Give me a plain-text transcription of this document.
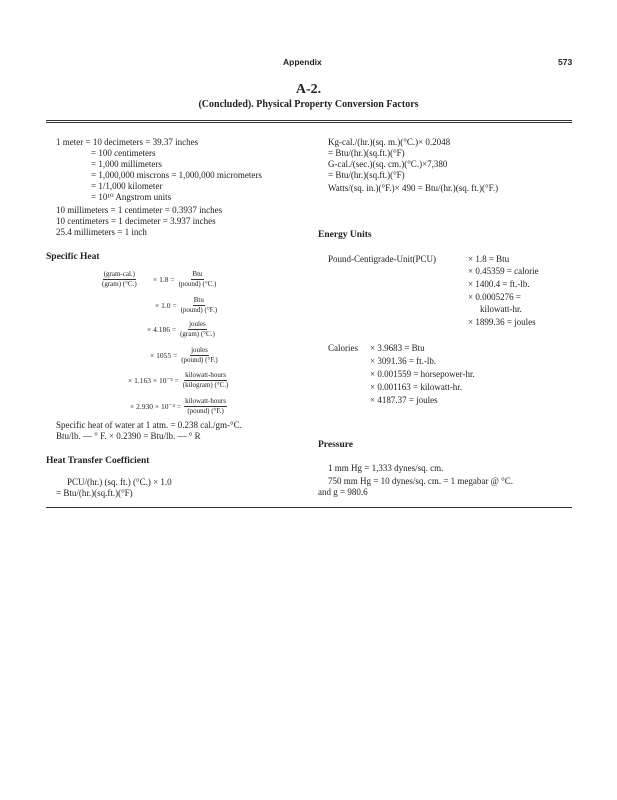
Appendix	573
A-2.
(Concluded). Physical Property Conversion Factors
1 meter = 10 decimeters = 39.37 inches
= 100 centimeters
= 1,000 millimeters
= 1,000,000 miscrons = 1,000,000 micrometers
= 1/1,000 kilometer
= 10¹⁰ Angstrom units
10 millimeters = 1 centimeter = 0.3937 inches
10 centimeters = 1 decimeter = 3.937 inches
25.4 millimeters = 1 inch
Specific Heat
$\frac{\text{(gram-cal.)}}{\text{(gram) (°C.)}} \times 1.8 = \frac{\text{Btu}}{\text{(pound) (°C.)}}$
× $1.0 = \frac{\text{Btu}}{\text{(pound) (°F.)}}$
× $4.186 = \frac{\text{joules}}{\text{(gram) (°C.)}}$
× $1055 = \frac{\text{joules}}{\text{(pound) (°F.)}}$
× $1.163 \times 10^{-3} = \frac{\text{kilowatt-hours}}{\text{(kilogram) (°C.)}}$
× $2.930 \times 10^{-4} = \frac{\text{kilowatt-hours}}{\text{(pound) (°F.)}}$
Specific heat of water at 1 atm. = 0.238 cal./gm-°C.
Btu/lb. — ° F. × 0.2390 = Btu/lb. — ° R
Heat Transfer Coefficient
PCU/(hr.) (sq. ft.) (°C.) × 1.0
= Btu/(hr.)(sq.ft.)(°F)
Kg-cal./(hr.)(sq. m.)(°C.)× 0.2048
= Btu/(hr.)(sq.ft.)(°F)
G-cal./(sec.)(sq. cm.)(°C.)×7,380
= Btu/(hr.)(sq.ft.)(°F)
Watts/(sq. in.)(°F.)× 490 = Btu/(hr.)(sq. ft.)(°F.)
Energy Units
Pound-Centigrade-Unit(PCU)	× 1.8 = Btu
× 0.45359 = calorie
× 1400.4 = ft.-lb.
× 0.0005276 =
kilowatt-hr.
× 1899.36 = joules
Calories × 3.9683 = Btu
× 3091.36 = ft.-lb.
× 0.001559 = horsepower-hr.
× 0.001163 = kilowatt-hr.
× 4187.37 = joules
Pressure
1 mm Hg = 1,333 dynes/sq. cm.
750 mm Hg = 10 dynes/sq. cm. = 1 megabar @ °C.
and g = 980.6
